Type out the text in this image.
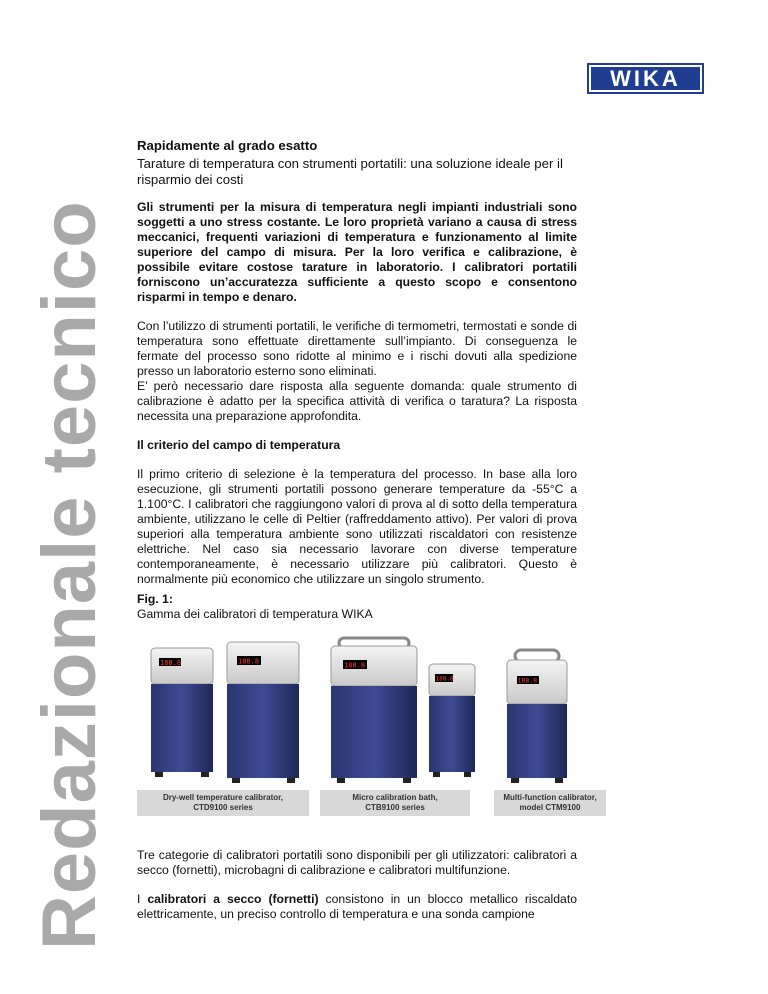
WIKA
Redazionale tecnico
Rapidamente al grado esatto
Tarature di temperatura con strumenti portatili: una soluzione ideale per il risparmio dei costi

Gli strumenti per la misura di temperatura negli impianti industriali sono soggetti a uno stress costante. Le loro proprietà variano a causa di stress meccanici, frequenti variazioni di temperatura e funzionamento al limite superiore del campo di misura. Per la loro verifica e calibrazione, è possibile evitare costose tarature in laboratorio. I calibratori portatili forniscono un’accuratezza sufficiente a questo scopo e consentono risparmi in tempo e denaro.

Con l’utilizzo di strumenti portatili, le verifiche di termometri, termostati e sonde di temperatura sono effettuate direttamente sull’impianto. Di conseguenza le fermate del processo sono ridotte al minimo e i rischi dovuti alla spedizione presso un laboratorio esterno sono eliminati.

E’ però necessario dare risposta alla seguente domanda: quale strumento di calibrazione è adatto per la specifica attività di verifica o taratura? La risposta necessita una preparazione approfondita.

Il criterio del campo di temperatura

Il primo criterio di selezione è la temperatura del processo. In base alla loro esecuzione, gli strumenti portatili possono generare temperature da -55°C a 1.100°C. I calibratori che raggiungono valori di prova al di sotto della temperatura ambiente, utilizzano le celle di Peltier (raffreddamento attivo). Per valori di prova superiori alla temperatura ambiente sono utilizzati riscaldatori con resistenze elettriche. Nel caso sia necessario lavorare con diverse temperature contemporaneamente, è necessario utilizzare più calibratori. Questo è normalmente più economico che utilizzare un singolo strumento.

Fig. 1:
Gamma dei calibratori di temperatura WIKA
188.8	188.8	188.8
188.8	188.8
Dry-well temperature calibrator,
CTD9100 series
Micro calibration bath,
CTB9100 series
Multi-function calibrator,
model CTM9100

Tre categorie di calibratori portatili sono disponibili per gli utilizzatori: calibratori a secco (fornetti), microbagni di calibrazione e calibratori multifunzione.

I calibratori a secco (fornetti) consistono in un blocco metallico riscaldato elettricamente, un preciso controllo di temperatura e una sonda campione
